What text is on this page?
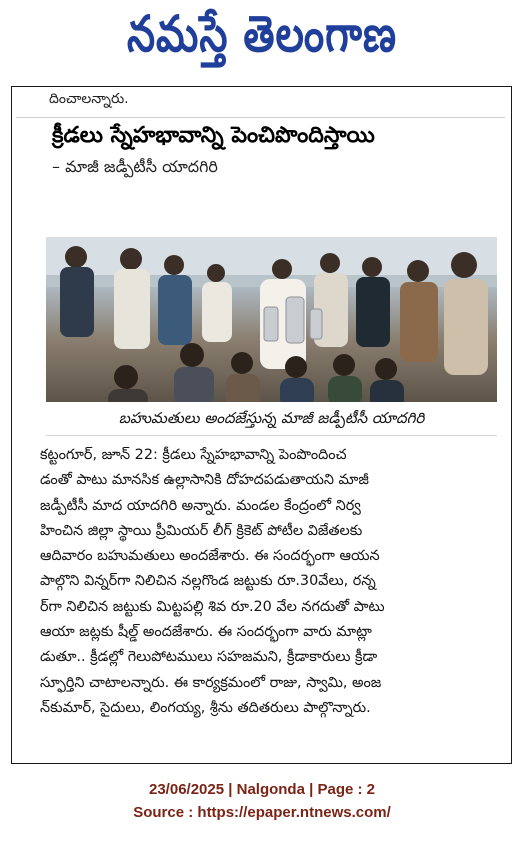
నమస్తే తెలంగాణ
దించాలన్నారు.
క్రీడలు స్నేహభావాన్ని పెంచిపొందిస్తాయి
– మాజీ జడ్పీటీసీ యాదగిరి
బహుమతులు అందజేస్తున్న మాజీ జడ్పీటీసీ యాదగిరి
కట్టంగూర్, జూన్ 22: క్రీడలు స్నేహభావాన్ని పెంపొందించ
డంతో పాటు మానసిక ఉల్లాసానికి దోహదపడుతాయని మాజీ
జడ్పీటీసీ మాద యాదగిరి అన్నారు. మండల కేంద్రంలో నిర్వ
హించిన జిల్లా స్థాయి ప్రీమియర్ లీగ్ క్రికెట్ పోటీల విజేతలకు
ఆదివారం బహుమతులు అందజేశారు. ఈ సందర్భంగా ఆయన
పాల్గొని విన్నర్‌గా నిలిచిన నల్లగొండ జట్టుకు రూ.30వేలు, రన్న
ర్‌గా నిలిచిన జట్టుకు మిట్టపల్లి శివ రూ.20 వేల నగదుతో పాటు
ఆయా జట్లకు షీల్డ్ అందజేశారు. ఈ సందర్భంగా వారు మాట్లా
డుతూ.. క్రీడల్లో గెలుపోటములు సహజమని, క్రీడాకారులు క్రీడా
స్ఫూర్తిని చాటాలన్నారు. ఈ కార్యక్రమంలో రాజు, స్వామి, అంజ
న్‌కుమార్, సైదులు, లింగయ్య, శ్రీను తదితరులు పాల్గొన్నారు.
23/06/2025 | Nalgonda | Page : 2
Source : https://epaper.ntnews.com/
